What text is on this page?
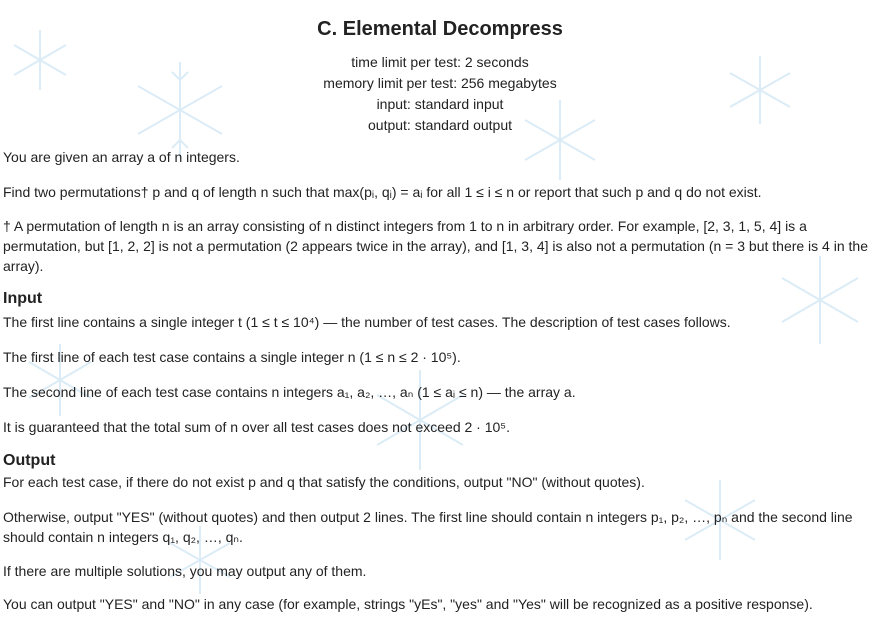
C. Elemental Decompress
time limit per test: 2 seconds
memory limit per test: 256 megabytes
input: standard input
output: standard output
You are given an array a of n integers.
Find two permutations† p and q of length n such that max(pᵢ, qᵢ) = aᵢ for all 1 ≤ i ≤ n or report that such p and q do not exist.
† A permutation of length n is an array consisting of n distinct integers from 1 to n in arbitrary order. For example, [2, 3, 1, 5, 4] is a permutation, but [1, 2, 2] is not a permutation (2 appears twice in the array), and [1, 3, 4] is also not a permutation (n = 3 but there is 4 in the array).
Input
The first line contains a single integer t (1 ≤ t ≤ 10⁴) — the number of test cases. The description of test cases follows.
The first line of each test case contains a single integer n (1 ≤ n ≤ 2 · 10⁵).
The second line of each test case contains n integers a₁, a₂, …, aₙ (1 ≤ aᵢ ≤ n) — the array a.
It is guaranteed that the total sum of n over all test cases does not exceed 2 · 10⁵.
Output
For each test case, if there do not exist p and q that satisfy the conditions, output "NO" (without quotes).
Otherwise, output "YES" (without quotes) and then output 2 lines. The first line should contain n integers p₁, p₂, …, pₙ and the second line should contain n integers q₁, q₂, …, qₙ.
If there are multiple solutions, you may output any of them.
You can output "YES" and "NO" in any case (for example, strings "yEs", "yes" and "Yes" will be recognized as a positive response).
